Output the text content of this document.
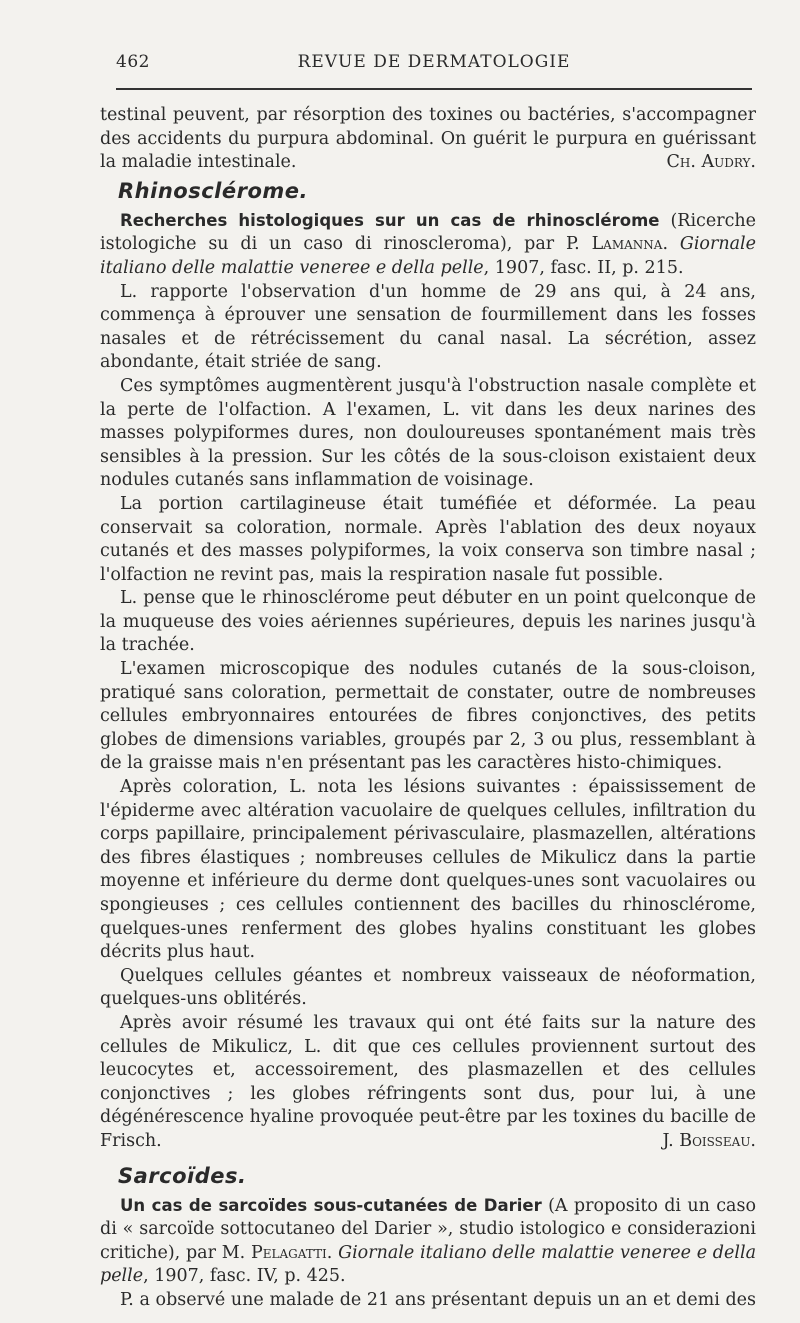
462	REVUE DE DERMATOLOGIE

testinal peuvent, par résorption des toxines ou bactéries, s'accompagner des accidents du purpura abdominal. On guérit le purpura en guérissant la maladie intestinale.	Ch. Audry.

Rhinosclérome.

Recherches histologiques sur un cas de rhinosclérome (Ricerche istologiche su di un caso di rinoscleroma), par P. Lamanna. Giornale italiano delle malattie veneree e della pelle, 1907, fasc. II, p. 215.

L. rapporte l'observation d'un homme de 29 ans qui, à 24 ans, commença à éprouver une sensation de fourmillement dans les fosses nasales et de rétrécissement du canal nasal. La sécrétion, assez abondante, était striée de sang.

Ces symptômes augmentèrent jusqu'à l'obstruction nasale complète et la perte de l'olfaction. A l'examen, L. vit dans les deux narines des masses polypiformes dures, non douloureuses spontanément mais très sensibles à la pression. Sur les côtés de la sous-cloison existaient deux nodules cutanés sans inflammation de voisinage.

La portion cartilagineuse était tuméfiée et déformée. La peau conservait sa coloration, normale. Après l'ablation des deux noyaux cutanés et des masses polypiformes, la voix conserva son timbre nasal ; l'olfaction ne revint pas, mais la respiration nasale fut possible.

L. pense que le rhinosclérome peut débuter en un point quelconque de la muqueuse des voies aériennes supérieures, depuis les narines jusqu'à la trachée.

L'examen microscopique des nodules cutanés de la sous-cloison, pratiqué sans coloration, permettait de constater, outre de nombreuses cellules embryonnaires entourées de fibres conjonctives, des petits globes de dimensions variables, groupés par 2, 3 ou plus, ressemblant à de la graisse mais n'en présentant pas les caractères histo-chimiques.

Après coloration, L. nota les lésions suivantes : épaississement de l'épiderme avec altération vacuolaire de quelques cellules, infiltration du corps papillaire, principalement périvasculaire, plasmazellen, altérations des fibres élastiques ; nombreuses cellules de Mikulicz dans la partie moyenne et inférieure du derme dont quelques-unes sont vacuolaires ou spongieuses ; ces cellules contiennent des bacilles du rhinosclérome, quelques-unes renferment des globes hyalins constituant les globes décrits plus haut.

Quelques cellules géantes et nombreux vaisseaux de néoformation, quelques-uns oblitérés.

Après avoir résumé les travaux qui ont été faits sur la nature des cellules de Mikulicz, L. dit que ces cellules proviennent surtout des leucocytes et, accessoirement, des plasmazellen et des cellules conjonctives ; les globes réfringents sont dus, pour lui, à une dégénérescence hyaline provoquée peut-être par les toxines du bacille de Frisch.	J. Boisseau.

Sarcoïdes.

Un cas de sarcoïdes sous-cutanées de Darier (A proposito di un caso di « sarcoïde sottocutaneo del Darier », studio istologico e considerazioni critiche), par M. Pelagatti. Giornale italiano delle malattie veneree e della pelle, 1907, fasc. IV, p. 425.

P. a observé une malade de 21 ans présentant depuis un an et demi des
